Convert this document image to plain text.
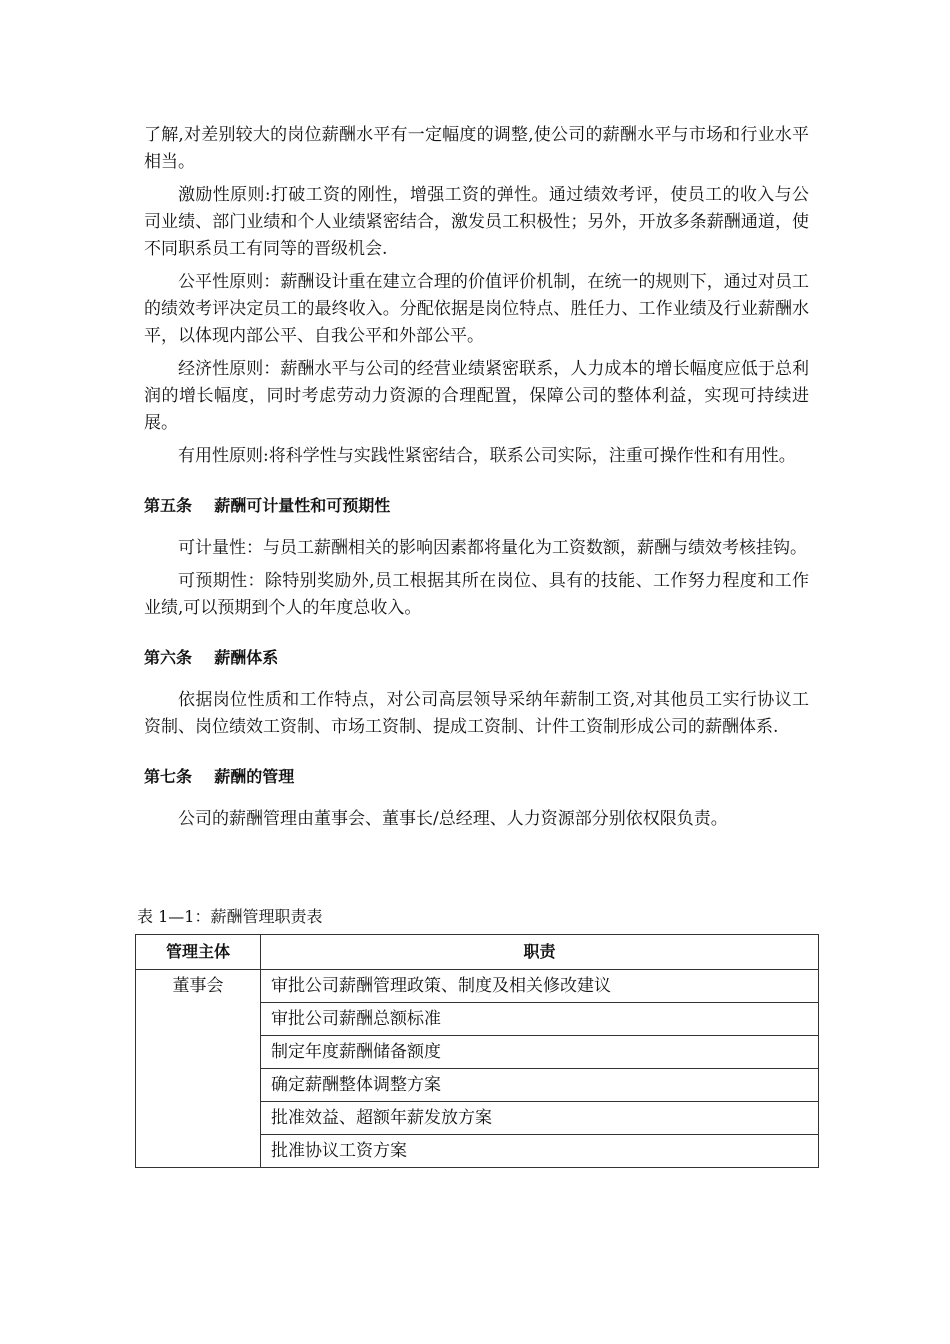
了解,对差别较大的岗位薪酬水平有一定幅度的调整,使公司的薪酬水平与市场和行业水平相当。

激励性原则:打破工资的刚性，增强工资的弹性。通过绩效考评，使员工的收入与公司业绩、部门业绩和个人业绩紧密结合，激发员工积极性；另外，开放多条薪酬通道，使不同职系员工有同等的晋级机会.

公平性原则：薪酬设计重在建立合理的价值评价机制，在统一的规则下，通过对员工的绩效考评决定员工的最终收入。分配依据是岗位特点、胜任力、工作业绩及行业薪酬水平，以体现内部公平、自我公平和外部公平。

经济性原则：薪酬水平与公司的经营业绩紧密联系，人力成本的增长幅度应低于总利润的增长幅度，同时考虑劳动力资源的合理配置，保障公司的整体利益，实现可持续进展。

有用性原则:将科学性与实践性紧密结合，联系公司实际，注重可操作性和有用性。

第五条    薪酬可计量性和可预期性

可计量性：与员工薪酬相关的影响因素都将量化为工资数额，薪酬与绩效考核挂钩。

可预期性：除特别奖励外,员工根据其所在岗位、具有的技能、工作努力程度和工作业绩,可以预期到个人的年度总收入。

第六条    薪酬体系

依据岗位性质和工作特点，对公司高层领导采纳年薪制工资,对其他员工实行协议工资制、岗位绩效工资制、市场工资制、提成工资制、计件工资制形成公司的薪酬体系.

第七条    薪酬的管理

公司的薪酬管理由董事会、董事长/总经理、人力资源部分别依权限负责。

表 1—1：薪酬管理职责表

管理主体	职责
董事会	审批公司薪酬管理政策、制度及相关修改建议
	审批公司薪酬总额标准
	制定年度薪酬储备额度
	确定薪酬整体调整方案
	批准效益、超额年薪发放方案
	批准协议工资方案
